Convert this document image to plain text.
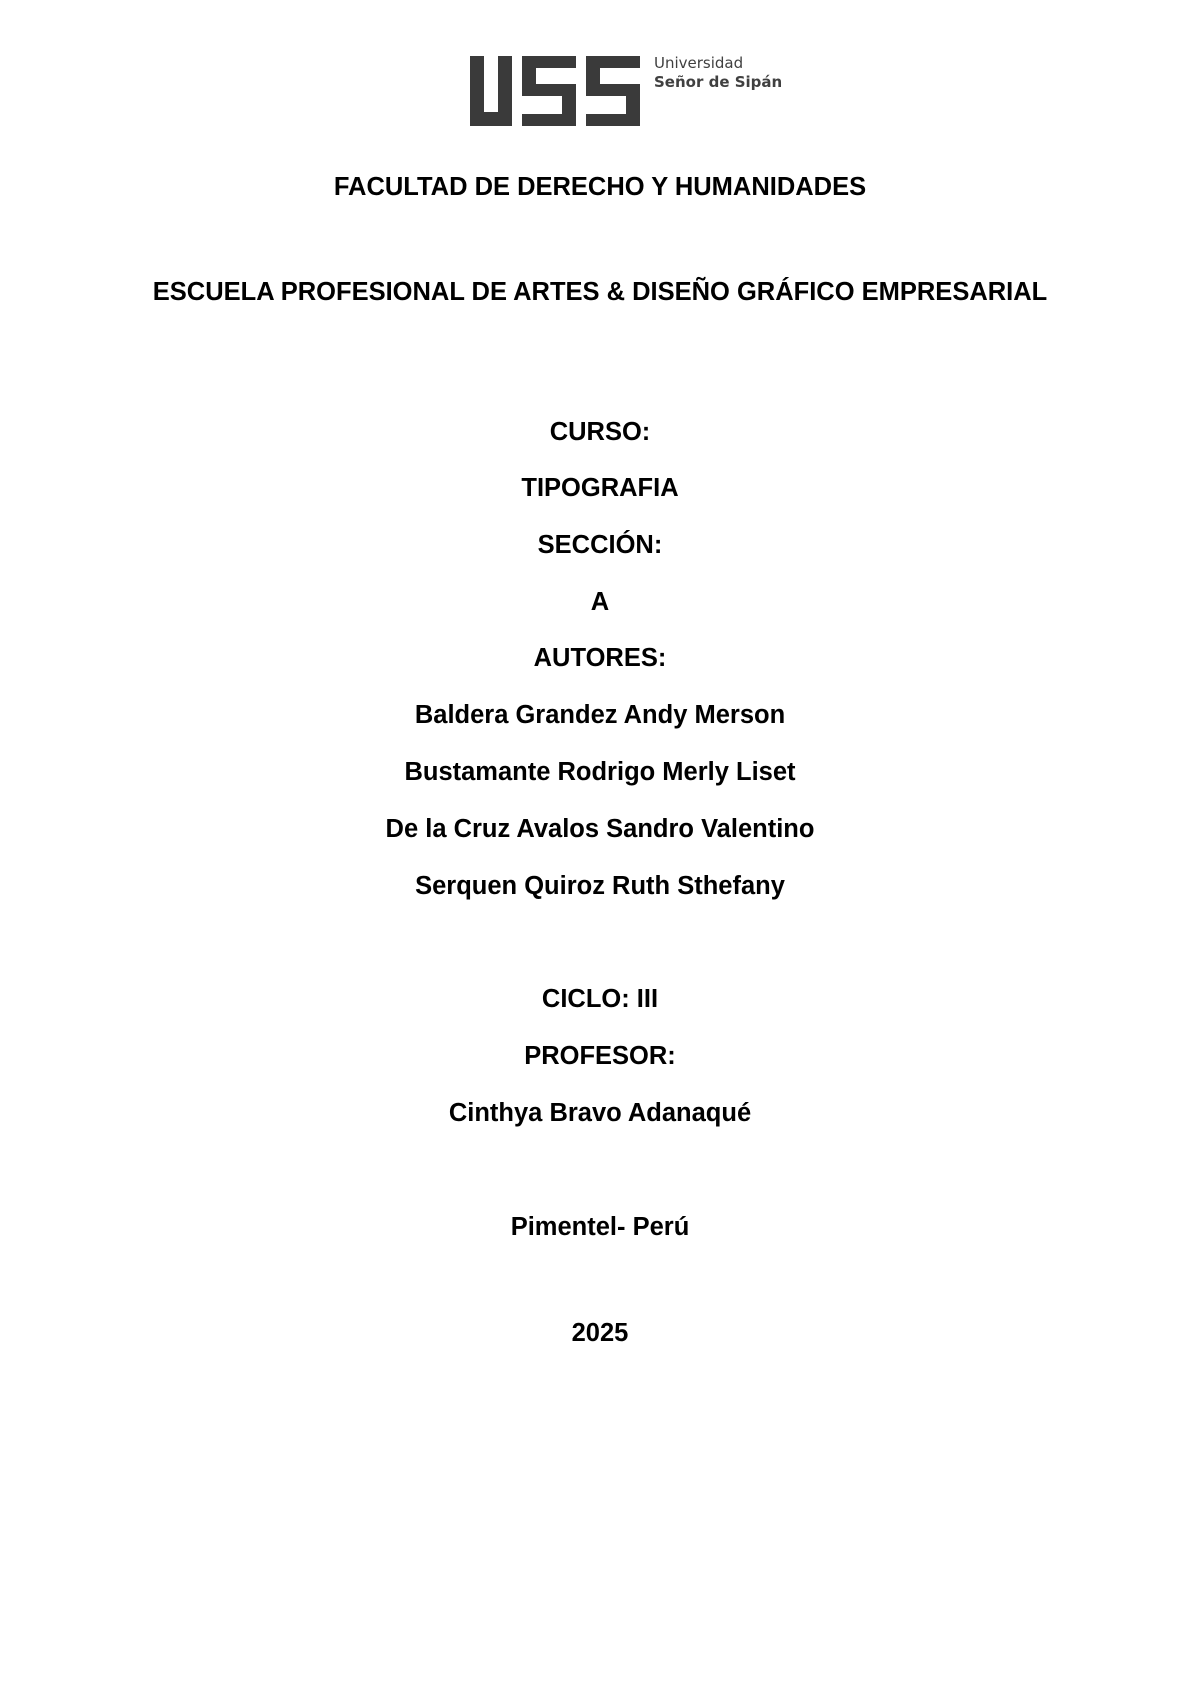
Universidad
Señor de Sipán
FACULTAD DE DERECHO Y HUMANIDADES
ESCUELA PROFESIONAL DE ARTES & DISEÑO GRÁFICO EMPRESARIAL
CURSO:
TIPOGRAFIA
SECCIÓN:
A
AUTORES:
Baldera Grandez Andy Merson
Bustamante Rodrigo Merly Liset
De la Cruz Avalos Sandro Valentino
Serquen Quiroz Ruth Sthefany
CICLO: III
PROFESOR:
Cinthya Bravo Adanaqué
Pimentel- Perú
2025
